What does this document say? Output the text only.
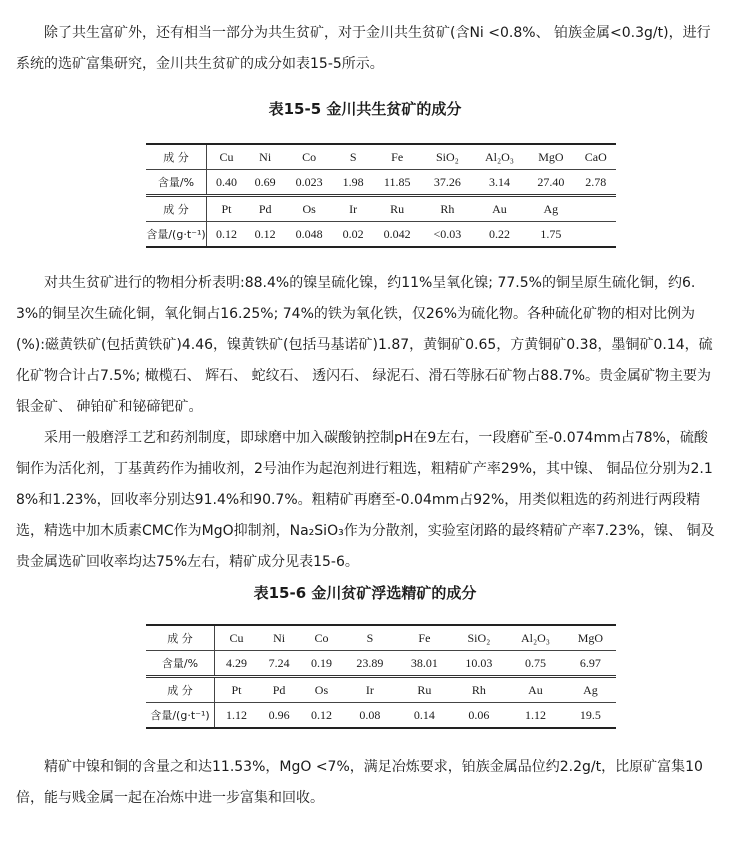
除了共生富矿外，还有相当一部分为共生贫矿，对于金川共生贫矿(含Ni <0.8%、 铂族金属<0.3g/t)，进行系统的选矿富集研究，金川共生贫矿的成分如表15-5所示。

表15-5 金川共生贫矿的成分

成 分	Cu	Ni	Co	S	Fe	SiO₂	Al₂O₃	MgO	CaO
含量/%	0.40	0.69	0.023	1.98	11.85	37.26	3.14	27.40	2.78
成 分	Pt	Pd	Os	Ir	Ru	Rh	Au	Ag	
含量/(g·t⁻¹)	0.12	0.12	0.048	0.02	0.042	<0.03	0.22	1.75	

对共生贫矿进行的物相分析表明:88.4%的镍呈硫化镍，约11%呈氧化镍; 77.5%的铜呈原生硫化铜，约6.3%的铜呈次生硫化铜，氧化铜占16.25%; 74%的铁为氧化铁，仅26%为硫化物。各种硫化矿物的相对比例为(%):磁黄铁矿(包括黄铁矿)4.46，镍黄铁矿(包括马基诺矿)1.87，黄铜矿0.65，方黄铜矿0.38，墨铜矿0.14，硫化矿物合计占7.5%; 橄榄石、 辉石、 蛇纹石、 透闪石、 绿泥石、滑石等脉石矿物占88.7%。贵金属矿物主要为银金矿、 砷铂矿和铋碲钯矿。

采用一般磨浮工艺和药剂制度，即球磨中加入碳酸钠控制pH在9左右，一段磨矿至-0.074mm占78%，硫酸铜作为活化剂，丁基黄药作为捕收剂，2号油作为起泡剂进行粗选，粗精矿产率29%，其中镍、 铜品位分别为2.18%和1.23%，回收率分别达91.4%和90.7%。粗精矿再磨至-0.04mm占92%，用类似粗选的药剂进行两段精选，精选中加木质素CMC作为MgO抑制剂，Na₂SiO₃作为分散剂，实验室闭路的最终精矿产率7.23%，镍、 铜及贵金属选矿回收率均达75%左右，精矿成分见表15-6。

表15-6 金川贫矿浮选精矿的成分

成 分	Cu	Ni	Co	S	Fe	SiO₂	Al₂O₃	MgO
含量/%	4.29	7.24	0.19	23.89	38.01	10.03	0.75	6.97
成 分	Pt	Pd	Os	Ir	Ru	Rh	Au	Ag
含量/(g·t⁻¹)	1.12	0.96	0.12	0.08	0.14	0.06	1.12	19.5

精矿中镍和铜的含量之和达11.53%，MgO <7%，满足冶炼要求，铂族金属品位约2.2g/t，比原矿富集10倍，能与贱金属一起在冶炼中进一步富集和回收。
